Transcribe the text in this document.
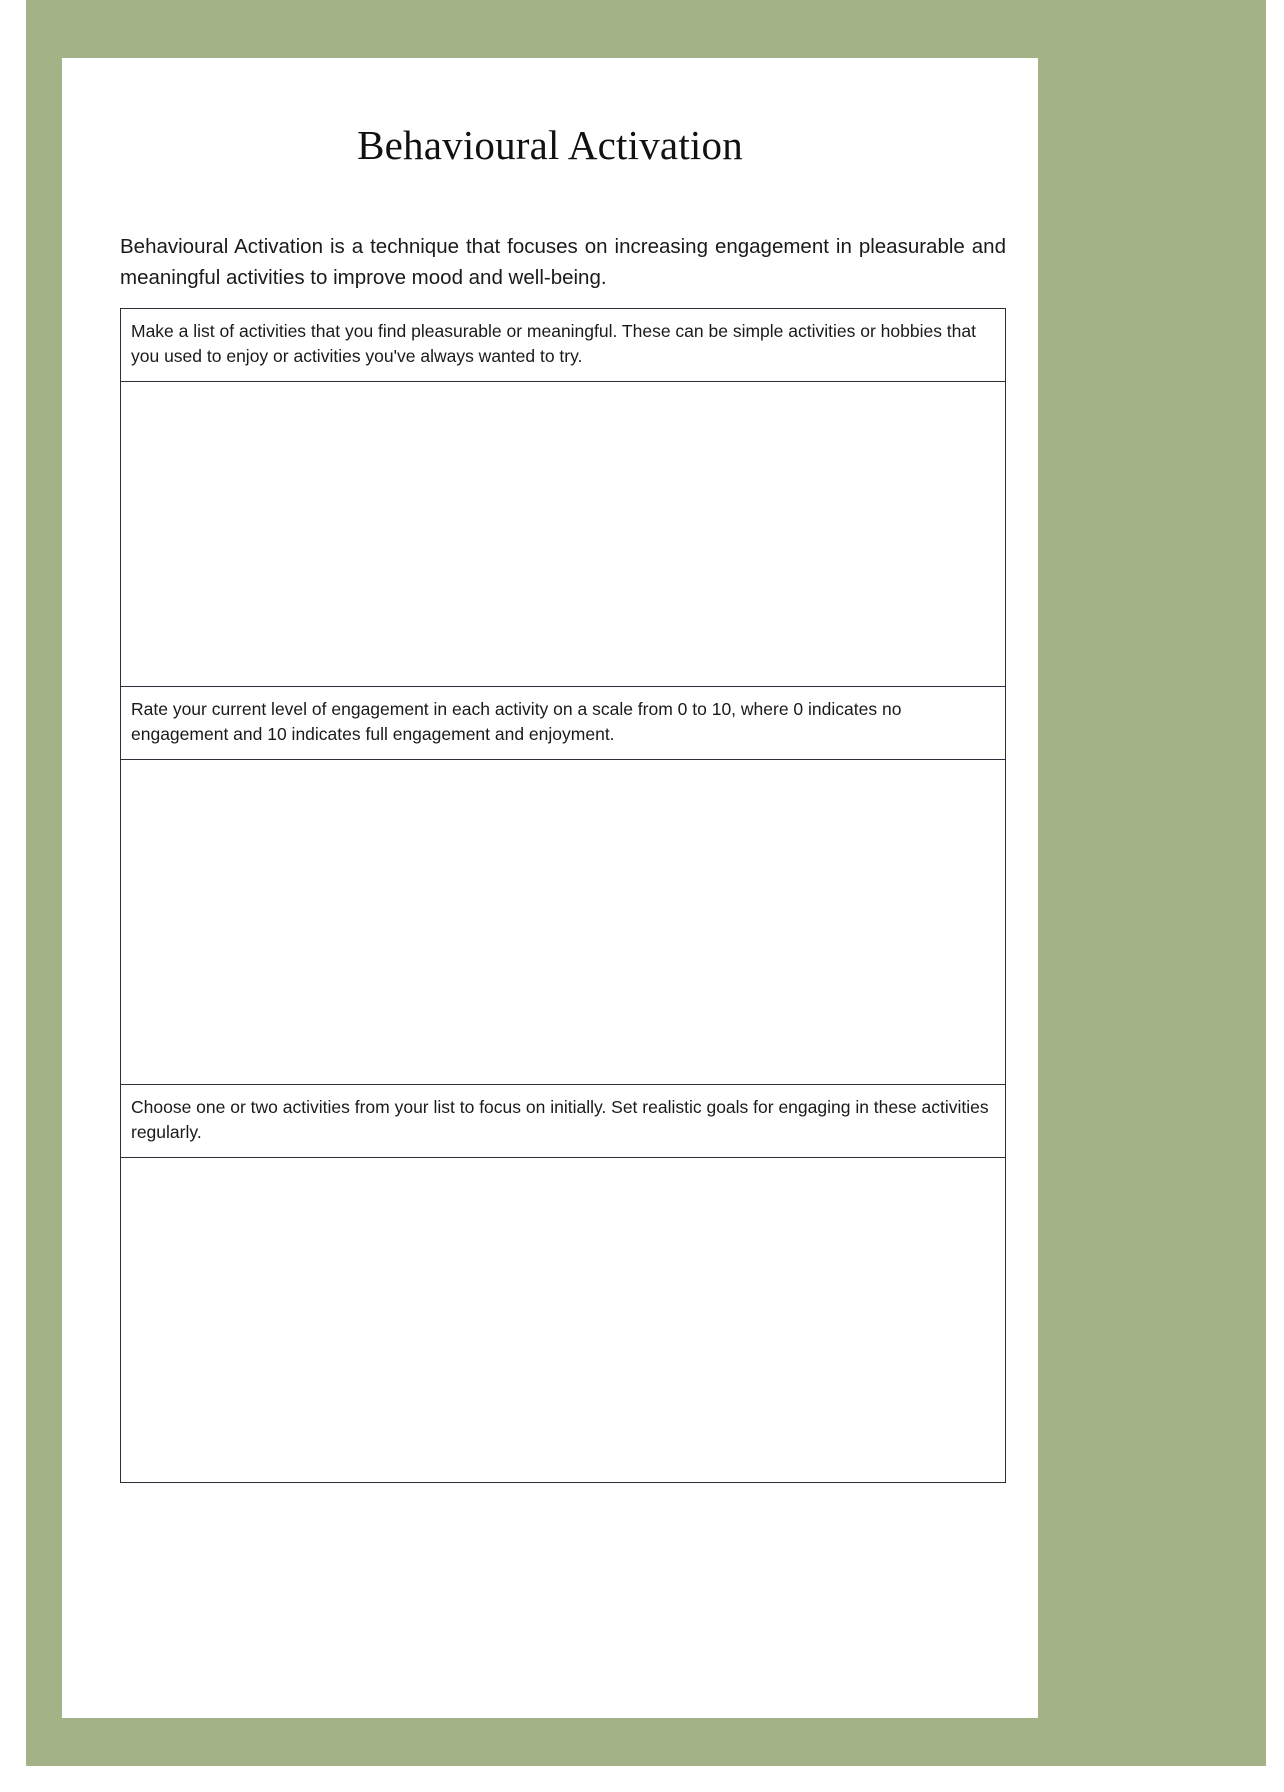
Behavioural Activation

Behavioural Activation is a technique that focuses on increasing engagement in pleasurable and meaningful activities to improve mood and well-being.

Make a list of activities that you find pleasurable or meaningful. These can be simple activities or hobbies that you used to enjoy or activities you've always wanted to try.
Rate your current level of engagement in each activity on a scale from 0 to 10, where 0 indicates no engagement and 10 indicates full engagement and enjoyment.
Choose one or two activities from your list to focus on initially. Set realistic goals for engaging in these activities regularly.
